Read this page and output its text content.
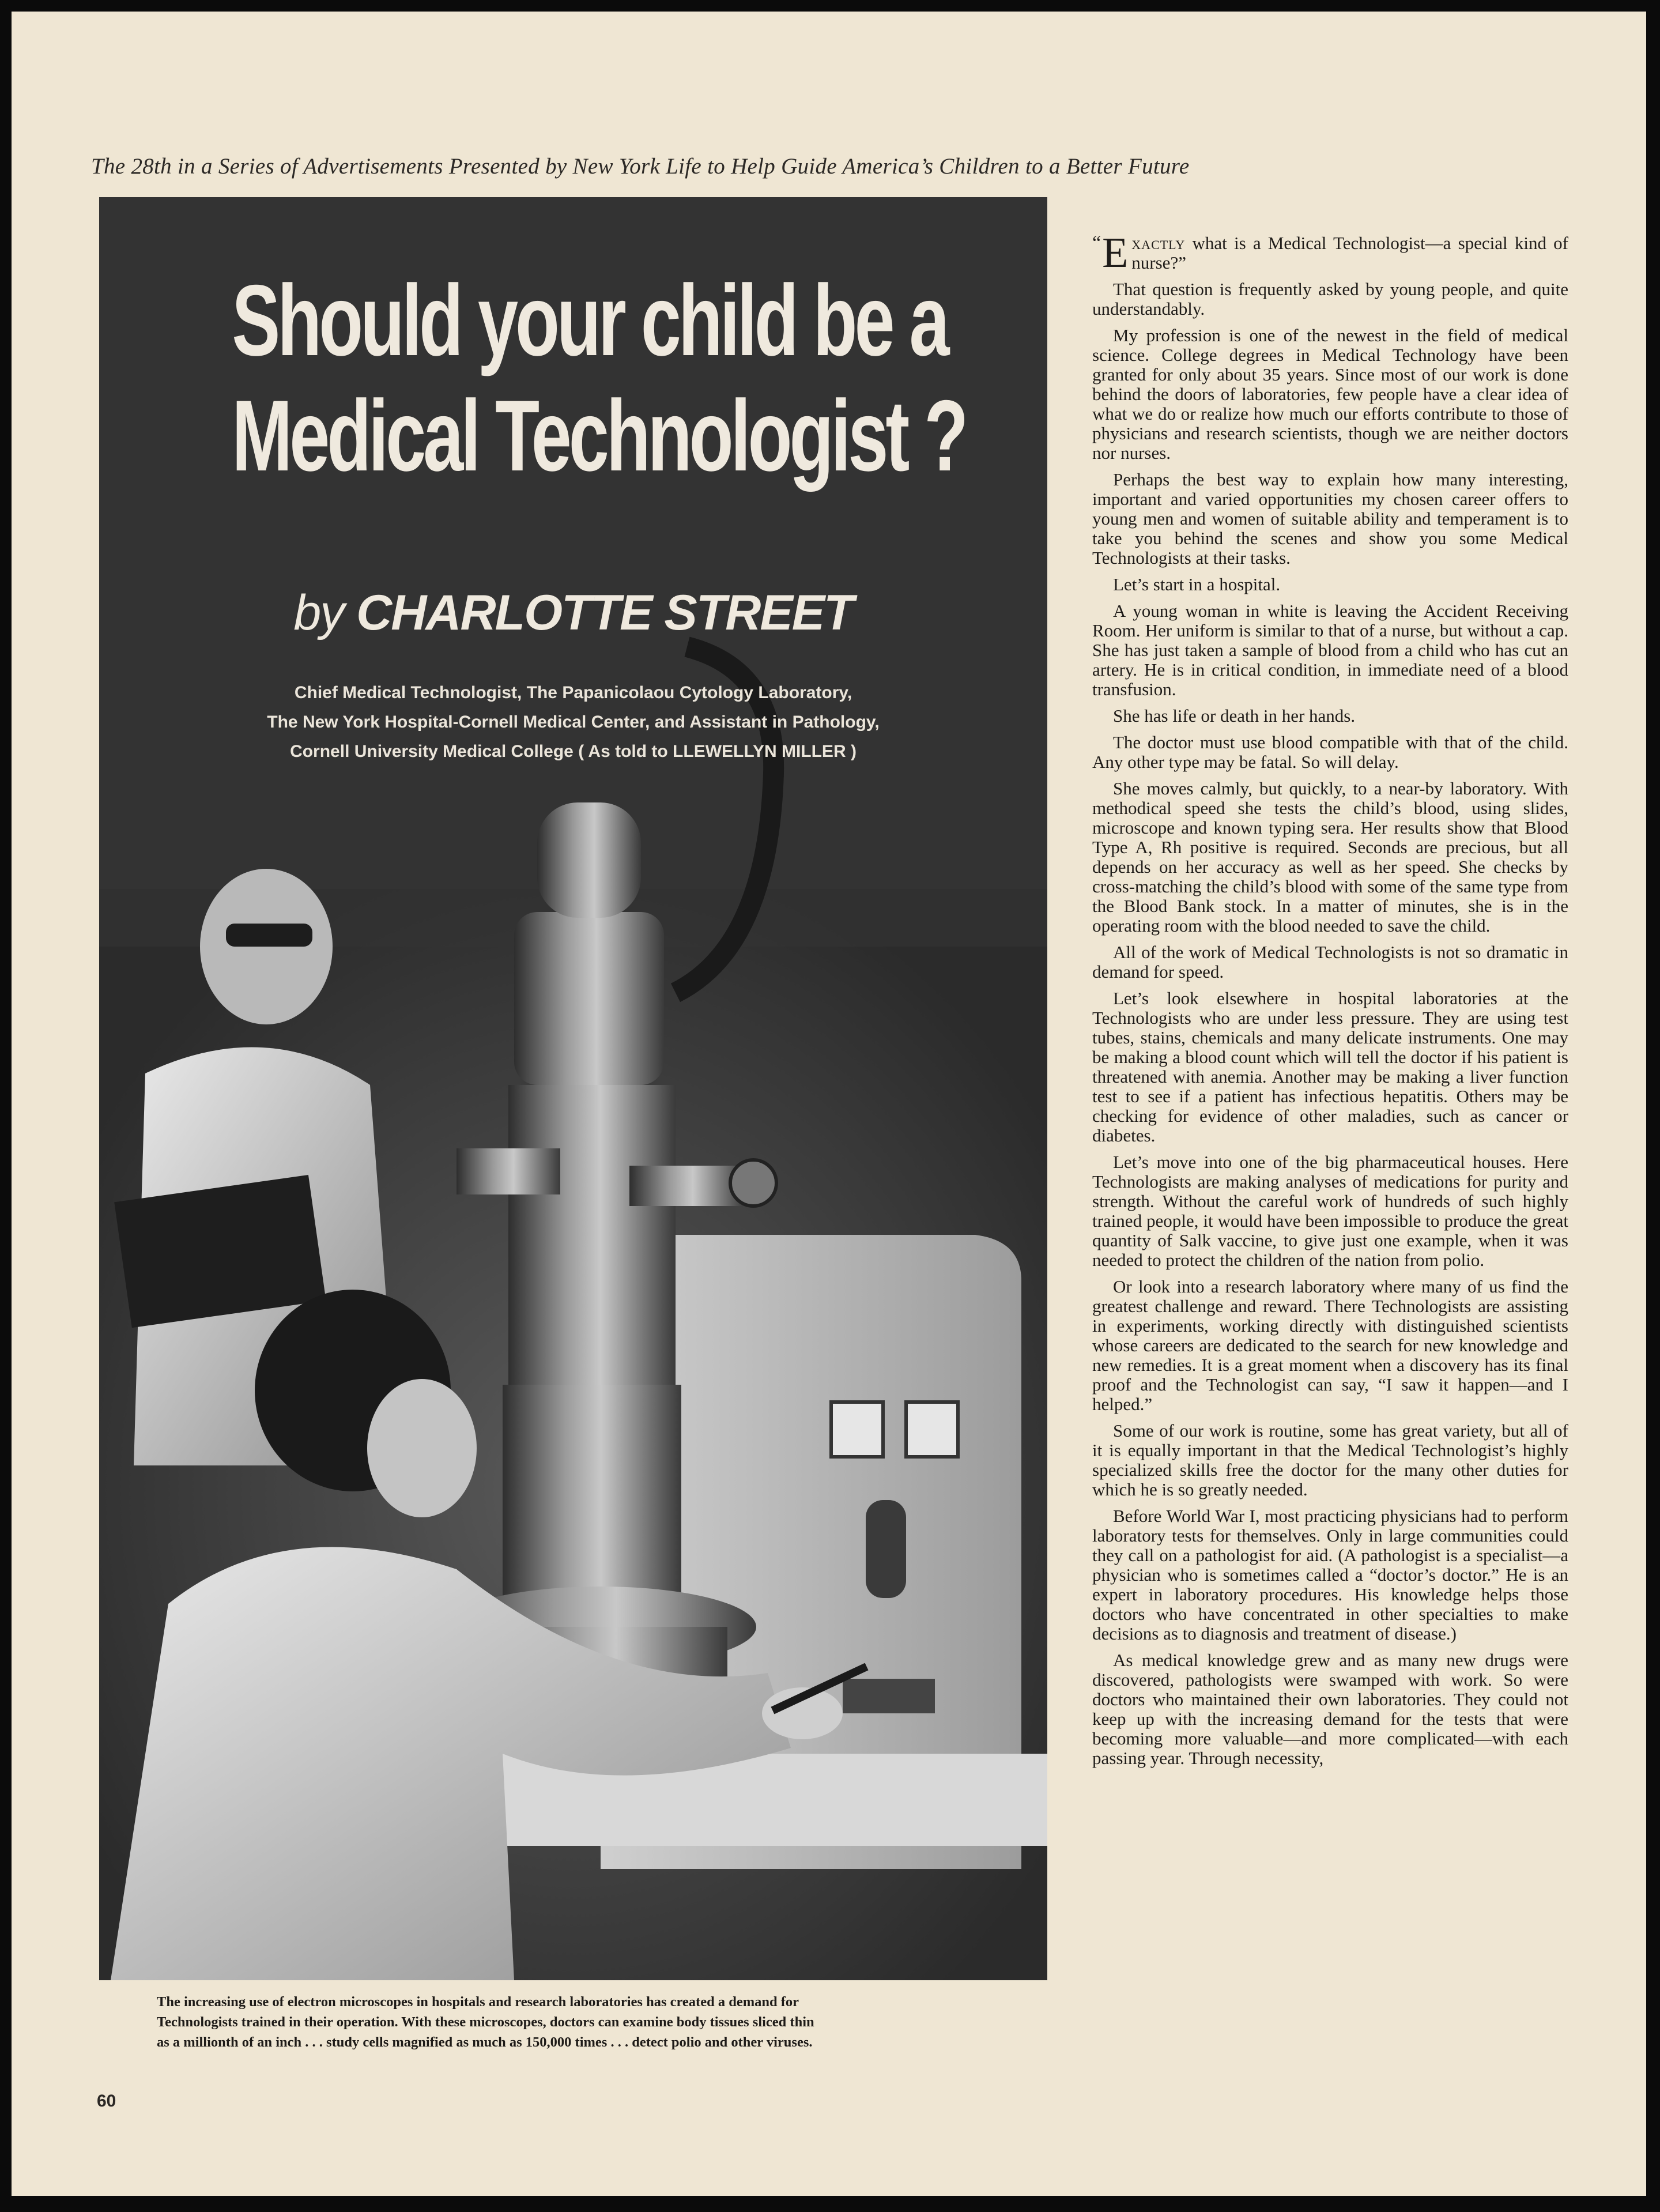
The 28th in a Series of Advertisements Presented by New York Life to Help Guide America’s Children to a Better Future
Should your child be a
Medical Technologist ?
by CHARLOTTE STREET
Chief Medical Technologist, The Papanicolaou Cytology Laboratory,
The New York Hospital-Cornell Medical Center, and Assistant in Pathology,
Cornell University Medical College ( As told to LLEWELLYN MILLER )
The increasing use of electron microscopes in hospitals and research laboratories has created a demand for
Technologists trained in their operation. With these microscopes, doctors can examine body tissues sliced thin
as a millionth of an inch . . . study cells magnified as much as 150,000 times . . . detect polio and other viruses.
60

“ E xactly what is a Medical Technologist—a special kind of nurse?”

That question is frequently asked by young people, and quite understandably.

My profession is one of the newest in the field of medical science. College degrees in Medical Technology have been granted for only about 35 years. Since most of our work is done behind the doors of laboratories, few people have a clear idea of what we do or realize how much our efforts contribute to those of physicians and research scientists, though we are neither doctors nor nurses.

Perhaps the best way to explain how many interesting, important and varied opportunities my chosen career offers to young men and women of suitable ability and temperament is to take you behind the scenes and show you some Medical Technologists at their tasks.

Let’s start in a hospital.

A young woman in white is leaving the Accident Receiving Room. Her uniform is similar to that of a nurse, but without a cap. She has just taken a sample of blood from a child who has cut an artery. He is in critical condition, in immediate need of a blood transfusion.

She has life or death in her hands.

The doctor must use blood compatible with that of the child. Any other type may be fatal. So will delay.

She moves calmly, but quickly, to a near-by laboratory. With methodical speed she tests the child’s blood, using slides, microscope and known typing sera. Her results show that Blood Type A, Rh positive is required. Seconds are precious, but all depends on her accuracy as well as her speed. She checks by cross-matching the child’s blood with some of the same type from the Blood Bank stock. In a matter of minutes, she is in the operating room with the blood needed to save the child.

All of the work of Medical Technologists is not so dramatic in demand for speed.

Let’s look elsewhere in hospital laboratories at the Technologists who are under less pressure. They are using test tubes, stains, chemicals and many delicate instruments. One may be making a blood count which will tell the doctor if his patient is threatened with anemia. Another may be making a liver function test to see if a patient has infectious hepatitis. Others may be checking for evidence of other maladies, such as cancer or diabetes.

Let’s move into one of the big pharmaceutical houses. Here Technologists are making analyses of medications for purity and strength. Without the careful work of hundreds of such highly trained people, it would have been impossible to produce the great quantity of Salk vaccine, to give just one example, when it was needed to protect the children of the nation from polio.

Or look into a research laboratory where many of us find the greatest challenge and reward. There Technologists are assisting in experiments, working directly with distinguished scientists whose careers are dedicated to the search for new knowledge and new remedies. It is a great moment when a discovery has its final proof and the Technologist can say, “I saw it happen—and I helped.”

Some of our work is routine, some has great variety, but all of it is equally important in that the Medical Technologist’s highly specialized skills free the doctor for the many other duties for which he is so greatly needed.

Before World War I, most practicing physicians had to perform laboratory tests for themselves. Only in large communities could they call on a pathologist for aid. (A pathologist is a specialist—a physician who is sometimes called a “doctor’s doctor.” He is an expert in laboratory procedures. His knowledge helps those doctors who have concentrated in other specialties to make decisions as to diagnosis and treatment of disease.)

As medical knowledge grew and as many new drugs were discovered, pathologists were swamped with work. So were doctors who maintained their own laboratories. They could not keep up with the increasing demand for the tests that were becoming more valuable—and more complicated—with each passing year. Through necessity,
